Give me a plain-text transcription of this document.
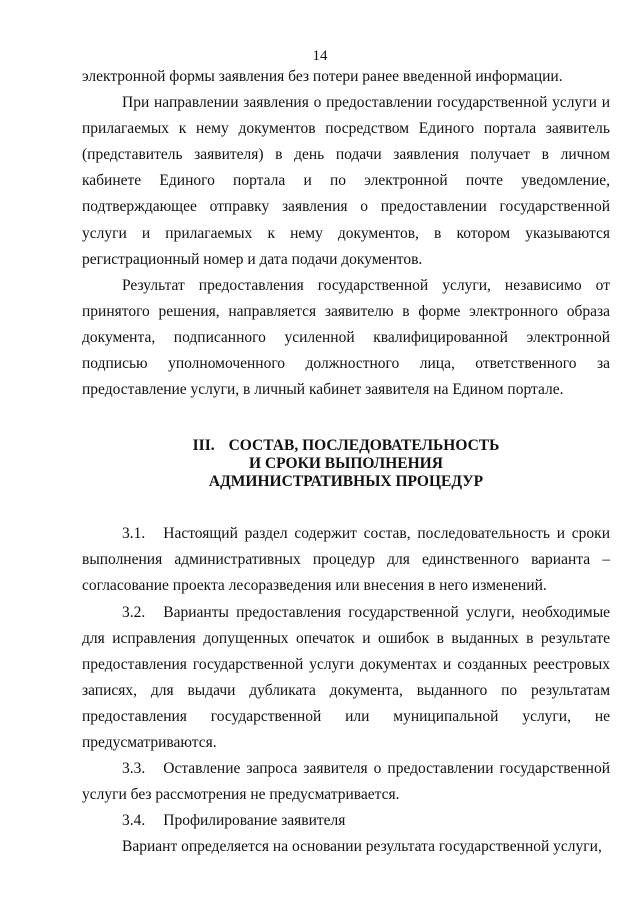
14

электронной формы заявления без потери ранее введенной информации.

При направлении заявления о предоставлении государственной услуги и прилагаемых к нему документов посредством Единого портала заявитель (представитель заявителя) в день подачи заявления получает в личном кабинете Единого портала и по электронной почте уведомление, подтверждающее отправку заявления о предоставлении государственной услуги и прилагаемых к нему документов, в котором указываются регистрационный номер и дата подачи документов.

Результат предоставления государственной услуги, независимо от принятого решения, направляется заявителю в форме электронного образа документа, подписанного усиленной квалифицированной электронной подписью уполномоченного должностного лица, ответственного за предоставление услуги, в личный кабинет заявителя на Едином портале.

III. СОСТАВ, ПОСЛЕДОВАТЕЛЬНОСТЬ
И СРОКИ ВЫПОЛНЕНИЯ
АДМИНИСТРАТИВНЫХ ПРОЦЕДУР

3.1. Настоящий раздел содержит состав, последовательность и сроки выполнения административных процедур для единственного варианта – согласование проекта лесоразведения или внесения в него изменений.

3.2. Варианты предоставления государственной услуги, необходимые для исправления допущенных опечаток и ошибок в выданных в результате предоставления государственной услуги документах и созданных реестровых записях, для выдачи дубликата документа, выданного по результатам предоставления государственной или муниципальной услуги, не предусматриваются.

3.3. Оставление запроса заявителя о предоставлении государственной услуги без рассмотрения не предусматривается.

3.4. Профилирование заявителя

Вариант определяется на основании результата государственной услуги,
